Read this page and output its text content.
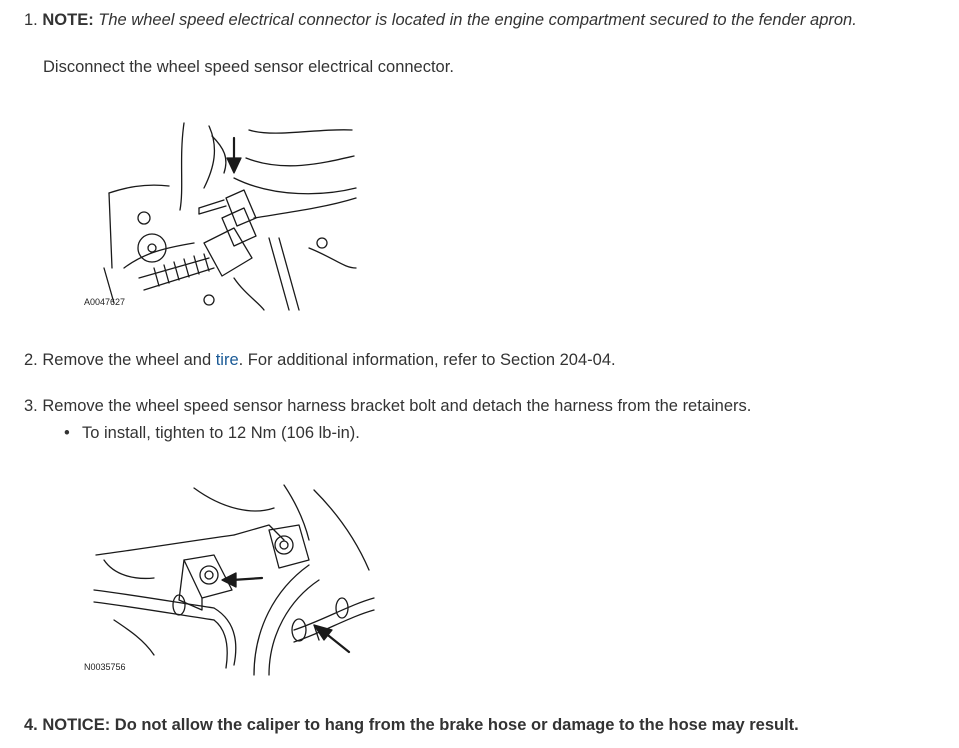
1. NOTE: The wheel speed electrical connector is located in the engine compartment secured to the fender apron.
Disconnect the wheel speed sensor electrical connector.
A0047627
2. Remove the wheel and tire. For additional information, refer to Section 204-04.
3. Remove the wheel speed sensor harness bracket bolt and detach the harness from the retainers.
• To install, tighten to 12 Nm (106 lb-in).
N0035756
4. NOTICE: Do not allow the caliper to hang from the brake hose or damage to the hose may result.
